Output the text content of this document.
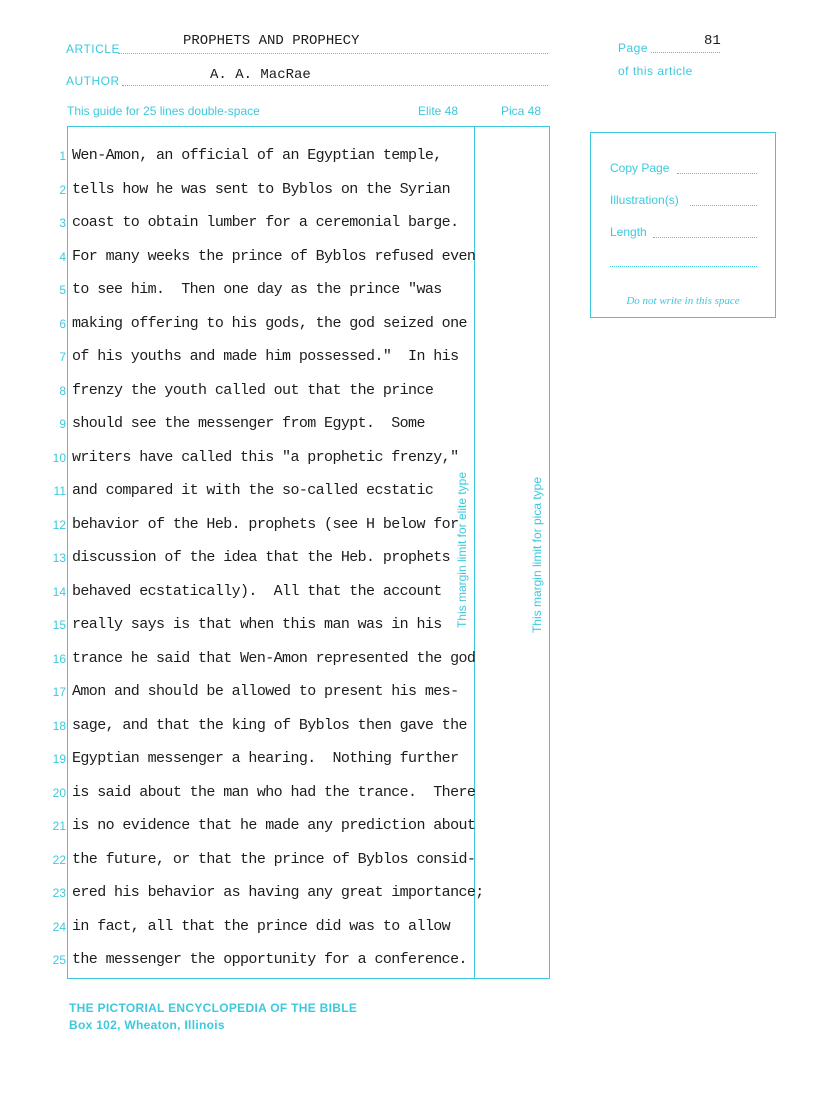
ARTICLE	PROPHETS AND PROPHECY
AUTHOR	A. A. MacRae
Page	81
of this article
This guide for 25 lines double-space	Elite 48	Pica 48
1 Wen-Amon, an official of an Egyptian temple,
2 tells how he was sent to Byblos on the Syrian
3 coast to obtain lumber for a ceremonial barge.
4 For many weeks the prince of Byblos refused even
5 to see him.  Then one day as the prince "was
6 making offering to his gods, the god seized one
7 of his youths and made him possessed."  In his
8 frenzy the youth called out that the prince
9 should see the messenger from Egypt.  Some
10 writers have called this "a prophetic frenzy,"
11 and compared it with the so-called ecstatic
12 behavior of the Heb. prophets (see H below for
13 discussion of the idea that the Heb. prophets
14 behaved ecstatically).  All that the account
15 really says is that when this man was in his
16 trance he said that Wen-Amon represented the god
17 Amon and should be allowed to present his mes-
18 sage, and that the king of Byblos then gave the
19 Egyptian messenger a hearing.  Nothing further
20 is said about the man who had the trance.  There
21 is no evidence that he made any prediction about
22 the future, or that the prince of Byblos consid-
23 ered his behavior as having any great importance;
24 in fact, all that the prince did was to allow
25 the messenger the opportunity for a conference.
This margin limit for elite type	This margin limit for pica type
Copy Page
Illustration(s)
Length
Do not write in this space
THE PICTORIAL ENCYCLOPEDIA OF THE BIBLE
Box 102, Wheaton, Illinois
